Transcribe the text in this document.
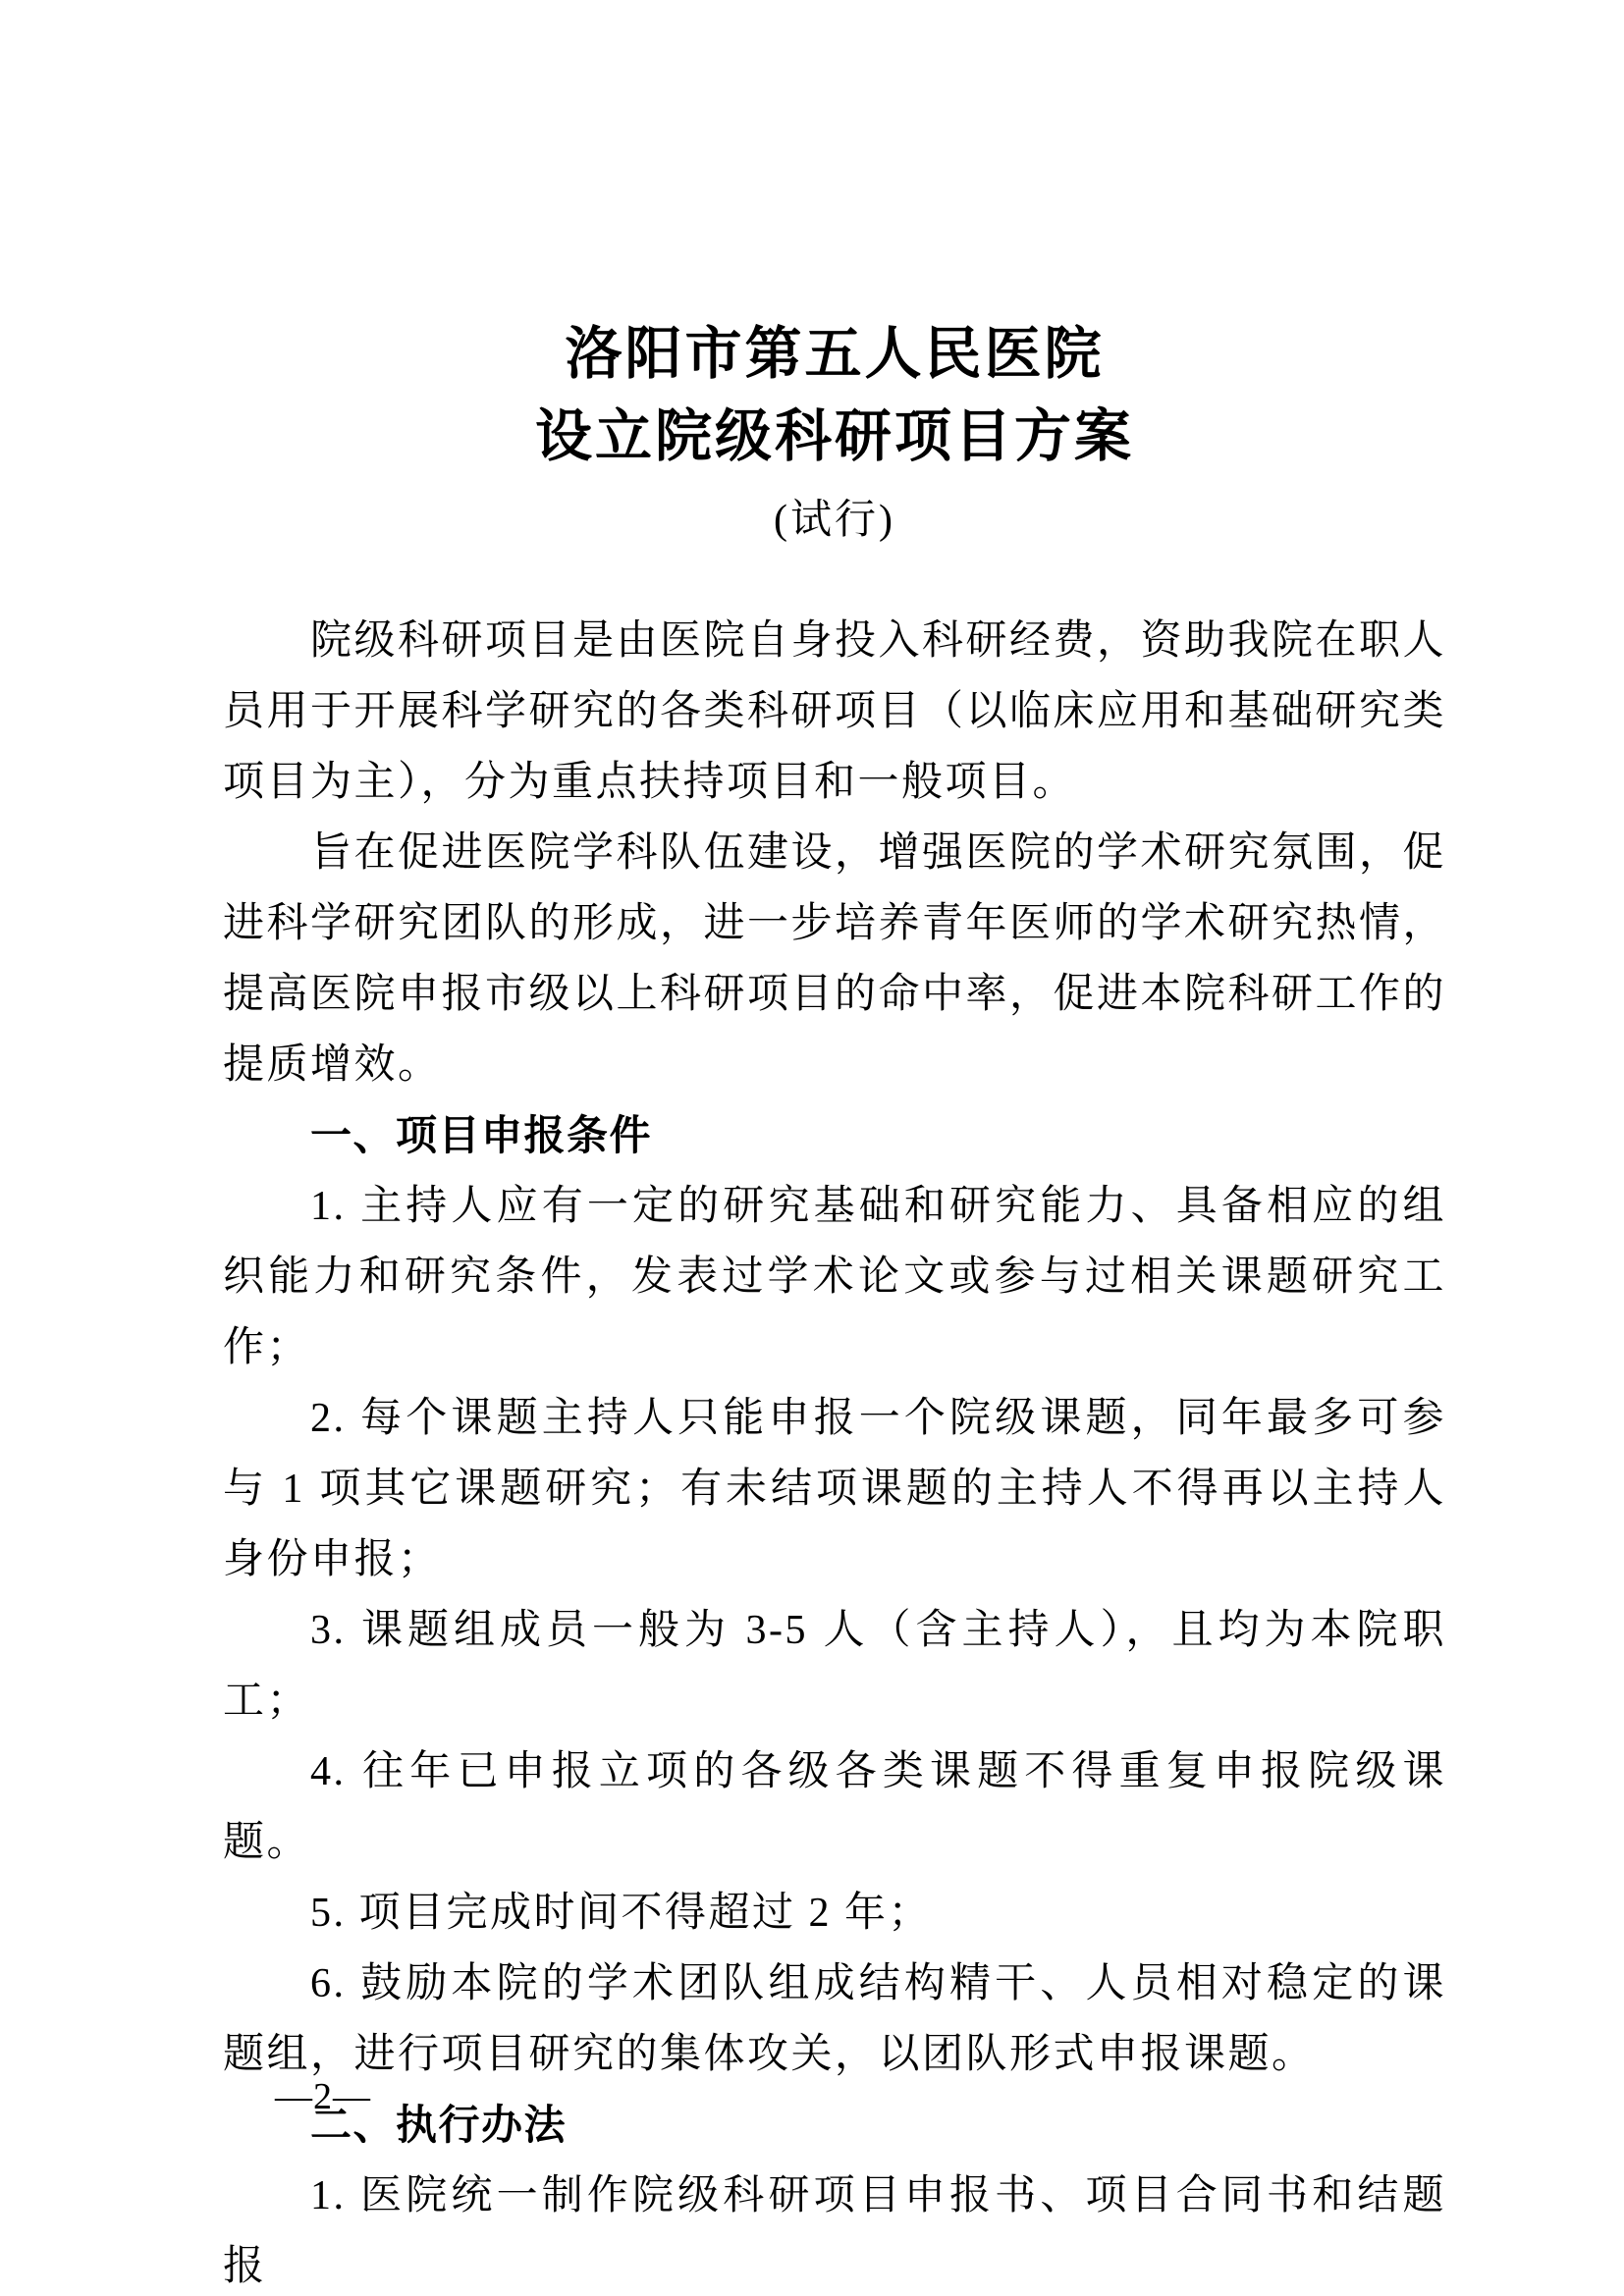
洛阳市第五人民医院
设立院级科研项目方案
(试行)

院级科研项目是由医院自身投入科研经费，资助我院在职人员用于开展科学研究的各类科研项目（以临床应用和基础研究类项目为主），分为重点扶持项目和一般项目。

旨在促进医院学科队伍建设，增强医院的学术研究氛围，促进科学研究团队的形成，进一步培养青年医师的学术研究热情，提高医院申报市级以上科研项目的命中率，促进本院科研工作的提质增效。

一、项目申报条件

1. 主持人应有一定的研究基础和研究能力、具备相应的组织能力和研究条件，发表过学术论文或参与过相关课题研究工作；

2. 每个课题主持人只能申报一个院级课题，同年最多可参与 1 项其它课题研究；有未结项课题的主持人不得再以主持人身份申报；

3. 课题组成员一般为 3-5 人（含主持人），且均为本院职工；

4. 往年已申报立项的各级各类课题不得重复申报院级课题。

5. 项目完成时间不得超过 2 年；

6. 鼓励本院的学术团队组成结构精干、人员相对稳定的课题组，进行项目研究的集体攻关，以团队形式申报课题。

二、执行办法

1. 医院统一制作院级科研项目申报书、项目合同书和结题报

—2—
